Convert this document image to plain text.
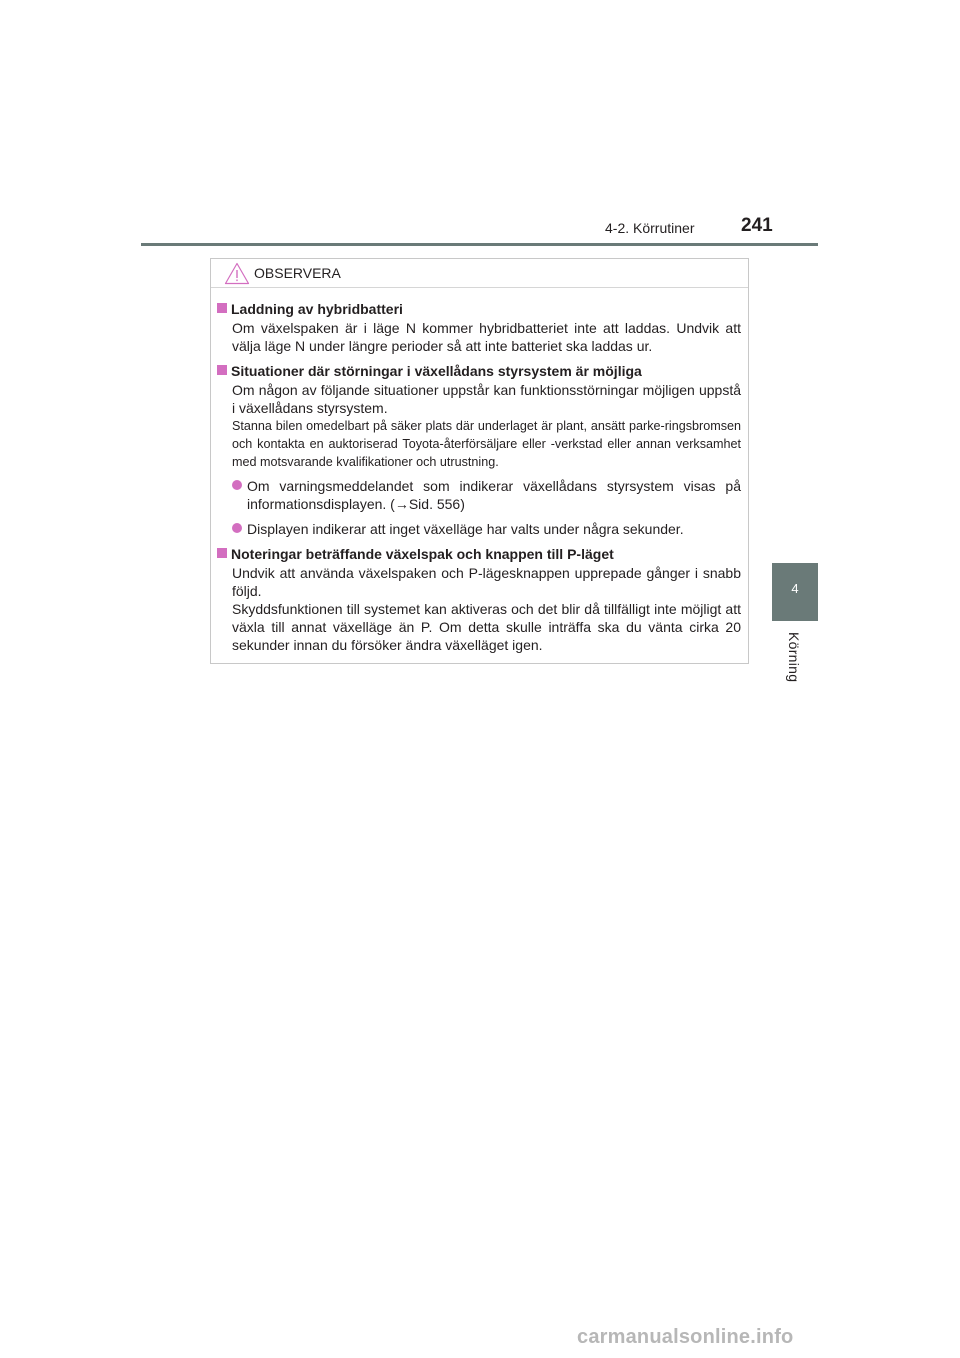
4-2. Körrutiner 241
4
Körning
OBSERVERA
Laddning av hybridbatteri
Om växelspaken är i läge N kommer hybridbatteriet inte att laddas. Undvik att välja läge N under längre perioder så att inte batteriet ska laddas ur.
Situationer där störningar i växellådans styrsystem är möjliga
Om någon av följande situationer uppstår kan funktionsstörningar möjligen uppstå i växellådans styrsystem.
Stanna bilen omedelbart på säker plats där underlaget är plant, ansätt parke-ringsbromsen och kontakta en auktoriserad Toyota-återförsäljare eller -verkstad eller annan verksamhet med motsvarande kvalifikationer och utrustning.
Om varningsmeddelandet som indikerar växellådans styrsystem visas på informationsdisplayen. (→Sid. 556)
Displayen indikerar att inget växelläge har valts under några sekunder.
Noteringar beträffande växelspak och knappen till P-läget
Undvik att använda växelspaken och P-lägesknappen upprepade gånger i snabb följd.
Skyddsfunktionen till systemet kan aktiveras och det blir då tillfälligt inte möjligt att växla till annat växelläge än P. Om detta skulle inträffa ska du vänta cirka 20 sekunder innan du försöker ändra växelläget igen.
carmanualsonline.info
